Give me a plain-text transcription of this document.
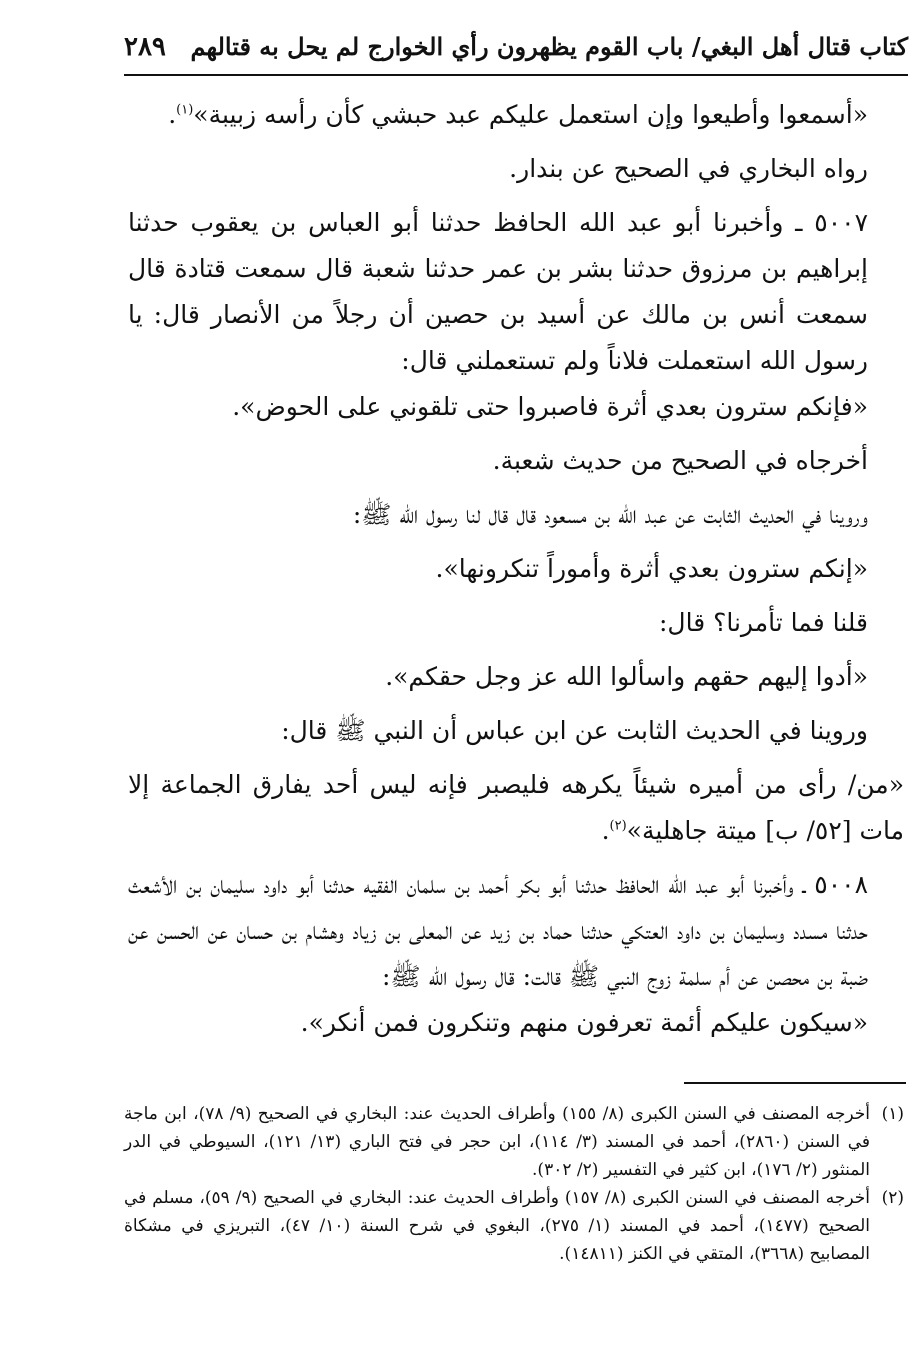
كتاب قتال أهل البغي/ باب القوم يظهرون رأي الخوارج لم يحل به قتالهم
٢٨٩

«أسمعوا وأطيعوا وإن استعمل عليكم عبد حبشي كأن رأسه زبيبة»$^{(١)}$.

رواه البخاري في الصحيح عن بندار.

٥٠٠٧ ـ وأخبرنا أبو عبد الله الحافظ حدثنا أبو العباس بن يعقوب حدثنا إبراهيم بن مرزوق حدثنا بشر بن عمر حدثنا شعبة قال سمعت قتادة قال سمعت أنس بن مالك عن أسيد بن حصين أن رجلاً من الأنصار قال: يا رسول الله استعملت فلاناً ولم تستعملني قال:

«فإنكم سترون بعدي أثرة فاصبروا حتى تلقوني على الحوض».

أخرجاه في الصحيح من حديث شعبة.

وروينا في الحديث الثابت عن عبد الله بن مسعود قال قال لنا رسول الله ﷺ:

«إنكم سترون بعدي أثرة وأموراً تنكرونها».

قلنا فما تأمرنا؟ قال:

«أدوا إليهم حقهم واسألوا الله عز وجل حقكم».

وروينا في الحديث الثابت عن ابن عباس أن النبي ﷺ قال:

«من/ رأى من أميره شيئاً يكرهه فليصبر فإنه ليس أحد يفارق الجماعة إلا مات [٥٢/ ب] ميتة جاهلية»$^{(٢)}$.

٥٠٠٨ ـ وأخبرنا أبو عبد الله الحافظ حدثنا أبو بكر أحمد بن سلمان الفقيه حدثنا أبو داود سليمان بن الأشعث حدثنا مسدد وسليمان بن داود العتكي حدثنا حماد بن زيد عن المعلى بن زياد وهشام بن حسان عن الحسن عن ضبة بن محصن عن أم سلمة زوج النبي ﷺ قالت: قال رسول الله ﷺ:

«سيكون عليكم أئمة تعرفون منهم وتنكرون فمن أنكر».

(١)
أخرجه المصنف في السنن الكبرى (٨/ ١٥٥) وأطراف الحديث عند: البخاري في الصحيح (٩/ ٧٨)، ابن ماجة في السنن (٢٨٦٠)، أحمد في المسند (٣/ ١١٤)، ابن حجر في فتح الباري (١٣/ ١٢١)، السيوطي في الدر المنثور (٢/ ١٧٦)، ابن كثير في التفسير (٢/ ٣٠٢).
(٢)
أخرجه المصنف في السنن الكبرى (٨/ ١٥٧) وأطراف الحديث عند: البخاري في الصحيح (٩/ ٥٩)، مسلم في الصحيح (١٤٧٧)، أحمد في المسند (١/ ٢٧٥)، البغوي في شرح السنة (١٠/ ٤٧)، التبريزي في مشكاة المصابيح (٣٦٦٨)، المتقي في الكنز (١٤٨١١).
